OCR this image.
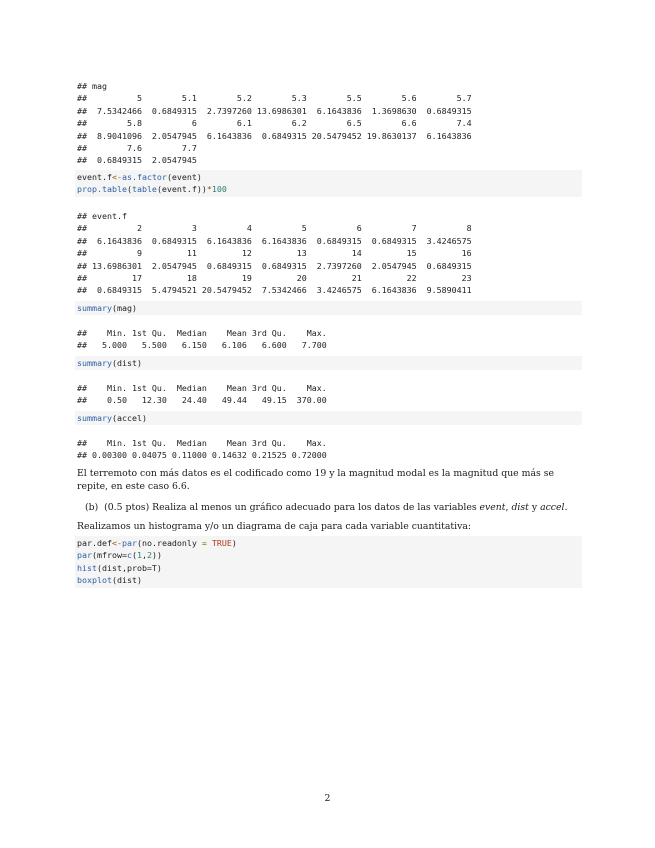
## mag
##          5        5.1        5.2        5.3        5.5        5.6        5.7
##  7.5342466  0.6849315  2.7397260 13.6986301  6.1643836  1.3698630  0.6849315
##        5.8          6        6.1        6.2        6.5        6.6        7.4
##  8.9041096  2.0547945  6.1643836  0.6849315 20.5479452 19.8630137  6.1643836
##        7.6        7.7
##  0.6849315  2.0547945
event.f<-as.factor(event)
prop.table(table(event.f))*100
## event.f
##          2          3          4          5          6          7          8
##  6.1643836  0.6849315  6.1643836  6.1643836  0.6849315  0.6849315  3.4246575
##          9         11         12         13         14         15         16
## 13.6986301  2.0547945  0.6849315  0.6849315  2.7397260  2.0547945  0.6849315
##         17         18         19         20         21         22         23
##  0.6849315  5.4794521 20.5479452  7.5342466  3.4246575  6.1643836  9.5890411
summary(mag)
##    Min. 1st Qu.  Median    Mean 3rd Qu.    Max.
##   5.000   5.500   6.150   6.106   6.600   7.700
summary(dist)
##    Min. 1st Qu.  Median    Mean 3rd Qu.    Max.
##    0.50   12.30   24.40   49.44   49.15  370.00
summary(accel)
##    Min. 1st Qu.  Median    Mean 3rd Qu.    Max.
## 0.00300 0.04075 0.11000 0.14632 0.21525 0.72000

El terremoto con más datos es el codificado como 19 y la magnitud modal es la magnitud que más se repite, en este caso 6.6.

(b) (0.5 ptos) Realiza al menos un gráfico adecuado para los datos de las variables event, dist y accel.

Realizamos un histograma y/o un diagrama de caja para cada variable cuantitativa:

par.def<-par(no.readonly = TRUE)
par(mfrow=c(1,2))
hist(dist,prob=T)
boxplot(dist)
2
